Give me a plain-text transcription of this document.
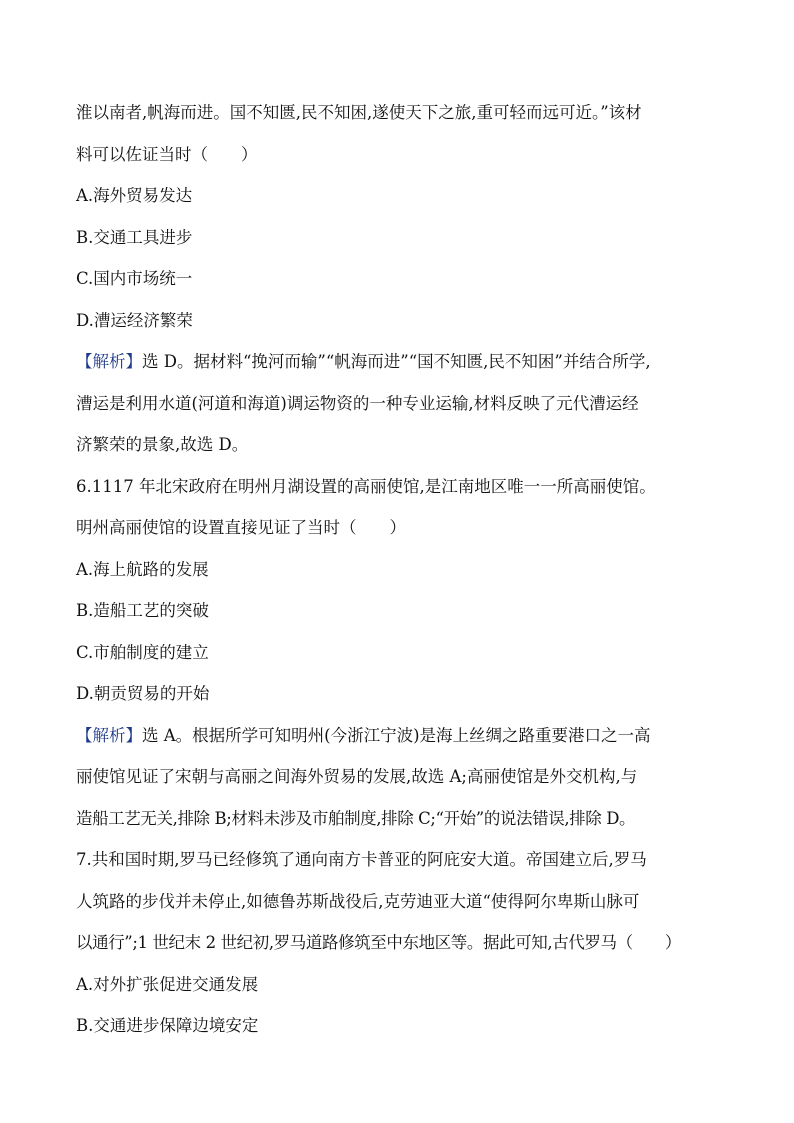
淮以南者,帆海而进。国不知匮,民不知困,遂使天下之旅,重可轻而远可近。”该材
料可以佐证当时（　　）
A.海外贸易发达
B.交通工具进步
C.国内市场统一
D.漕运经济繁荣
【解析】选 D。据材料“挽河而输”“帆海而进”“国不知匮,民不知困”并结合所学,
漕运是利用水道(河道和海道)调运物资的一种专业运输,材料反映了元代漕运经
济繁荣的景象,故选 D。
6.1117 年北宋政府在明州月湖设置的高丽使馆,是江南地区唯一一所高丽使馆。
明州高丽使馆的设置直接见证了当时（　　）
A.海上航路的发展
B.造船工艺的突破
C.市舶制度的建立
D.朝贡贸易的开始
【解析】选 A。根据所学可知明州(今浙江宁波)是海上丝绸之路重要港口之一高
丽使馆见证了宋朝与高丽之间海外贸易的发展,故选 A;高丽使馆是外交机构,与
造船工艺无关,排除 B;材料未涉及市舶制度,排除 C;“开始”的说法错误,排除 D。
7.共和国时期,罗马已经修筑了通向南方卡普亚的阿庇安大道。帝国建立后,罗马
人筑路的步伐并未停止,如德鲁苏斯战役后,克劳迪亚大道“使得阿尔卑斯山脉可
以通行”;1 世纪末 2 世纪初,罗马道路修筑至中东地区等。据此可知,古代罗马（　　）
A.对外扩张促进交通发展
B.交通进步保障边境安定
